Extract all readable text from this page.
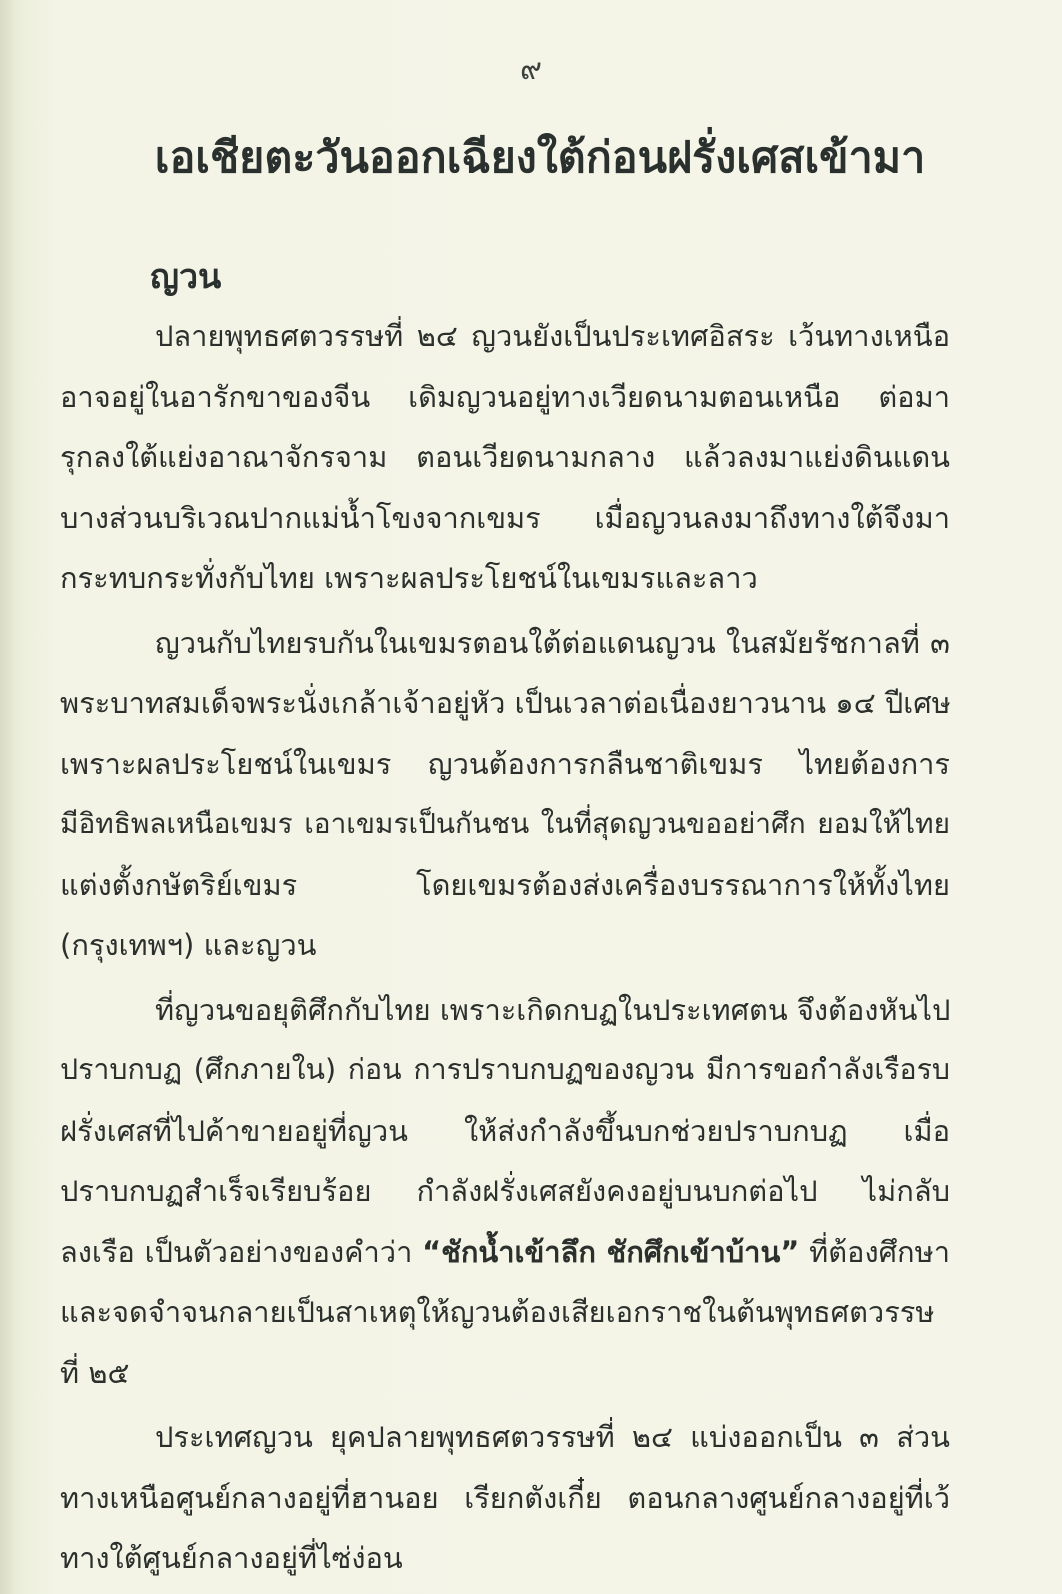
๙
เอเชียตะวันออกเฉียงใต้ก่อนฝรั่งเศสเข้ามา
ญวน
ปลายพุทธศตวรรษที่ ๒๔ ญวนยังเป็นประเทศอิสระ เว้นทางเหนือ
อาจอยู่ในอารักขาของจีน เดิมญวนอยู่ทางเวียดนามตอนเหนือ ต่อมา
รุกลงใต้แย่งอาณาจักรจาม ตอนเวียดนามกลาง แล้วลงมาแย่งดินแดน
บางส่วนบริเวณปากแม่น้ำโขงจากเขมร เมื่อญวนลงมาถึงทางใต้จึงมา
กระทบกระทั่งกับไทย เพราะผลประโยชน์ในเขมรและลาว
ญวนกับไทยรบกันในเขมรตอนใต้ต่อแดนญวน ในสมัยรัชกาลที่ ๓
พระบาทสมเด็จพระนั่งเกล้าเจ้าอยู่หัว เป็นเวลาต่อเนื่องยาวนาน ๑๔ ปีเศษ
เพราะผลประโยชน์ในเขมร ญวนต้องการกลืนชาติเขมร ไทยต้องการ
มีอิทธิพลเหนือเขมร เอาเขมรเป็นกันชน ในที่สุดญวนขออย่าศึก ยอมให้ไทย
แต่งตั้งกษัตริย์เขมร โดยเขมรต้องส่งเครื่องบรรณาการให้ทั้งไทย
(กรุงเทพฯ) และญวน
ที่ญวนขอยุติศึกกับไทย เพราะเกิดกบฏในประเทศตน จึงต้องหันไป
ปราบกบฏ (ศึกภายใน) ก่อน การปราบกบฏของญวน มีการขอกำลังเรือรบ
ฝรั่งเศสที่ไปค้าขายอยู่ที่ญวน ให้ส่งกำลังขึ้นบกช่วยปราบกบฏ เมื่อ
ปราบกบฏสำเร็จเรียบร้อย กำลังฝรั่งเศสยังคงอยู่บนบกต่อไป ไม่กลับ
ลงเรือ เป็นตัวอย่างของคำว่า “ชักน้ำเข้าลึก ชักศึกเข้าบ้าน” ที่ต้องศึกษา
และจดจำจนกลายเป็นสาเหตุให้ญวนต้องเสียเอกราชในต้นพุทธศตวรรษ
ที่ ๒๕
ประเทศญวน ยุคปลายพุทธศตวรรษที่ ๒๔ แบ่งออกเป็น ๓ ส่วน
ทางเหนือศูนย์กลางอยู่ที่ฮานอย เรียกตังเกี๋ย ตอนกลางศูนย์กลางอยู่ที่เว้
ทางใต้ศูนย์กลางอยู่ที่ไซ่ง่อน
